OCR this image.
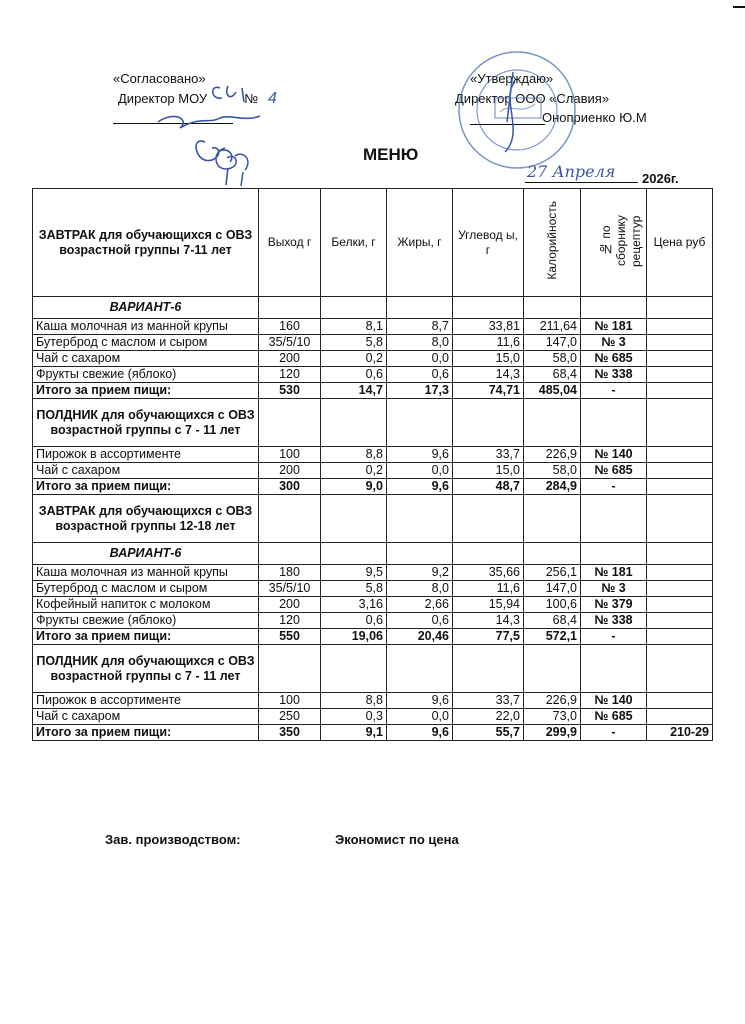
«Согласовано»
Директор МОУ	№ 4
«Утверждаю»
Директор ООО «Славия»
Оноприенко Ю.М
МЕНЮ
27 Апреля 2026г.
ЗАВТРАК для обучающихся с ОВЗ возрастной группы 7-11 лет	Выход г	Белки, г	Жиры, г	Углевод ы, г	Калорийность	№ по сборнику рецептур	Цена руб
ВАРИАНТ-6							
Каша молочная из манной крупы	160	8,1	8,7	33,81	211,64	№ 181	
Бутерброд с маслом и сыром	35/5/10	5,8	8,0	11,6	147,0	№ 3	
Чай с сахаром	200	0,2	0,0	15,0	58,0	№ 685	
Фрукты свежие (яблоко)	120	0,6	0,6	14,3	68,4	№ 338	
Итого за прием пищи:	530	14,7	17,3	74,71	485,04	-	
ПОЛДНИК для обучающихся с ОВЗ возрастной группы с 7 - 11 лет							
Пирожок в ассортименте	100	8,8	9,6	33,7	226,9	№ 140	
Чай с сахаром	200	0,2	0,0	15,0	58,0	№ 685	
Итого за прием пищи:	300	9,0	9,6	48,7	284,9	-	
ЗАВТРАК для обучающихся с ОВЗ возрастной группы 12-18 лет							
ВАРИАНТ-6							
Каша молочная из манной крупы	180	9,5	9,2	35,66	256,1	№ 181	
Бутерброд с маслом и сыром	35/5/10	5,8	8,0	11,6	147,0	№ 3	
Кофейный напиток с молоком	200	3,16	2,66	15,94	100,6	№ 379	
Фрукты свежие (яблоко)	120	0,6	0,6	14,3	68,4	№ 338	
Итого за прием пищи:	550	19,06	20,46	77,5	572,1	-	
ПОЛДНИК для обучающихся с ОВЗ возрастной группы с 7 - 11 лет							
Пирожок в ассортименте	100	8,8	9,6	33,7	226,9	№ 140	
Чай с сахаром	250	0,3	0,0	22,0	73,0	№ 685	
Итого за прием пищи:	350	9,1	9,6	55,7	299,9	-	210-29
Зав. производством:	Экономист по цена
